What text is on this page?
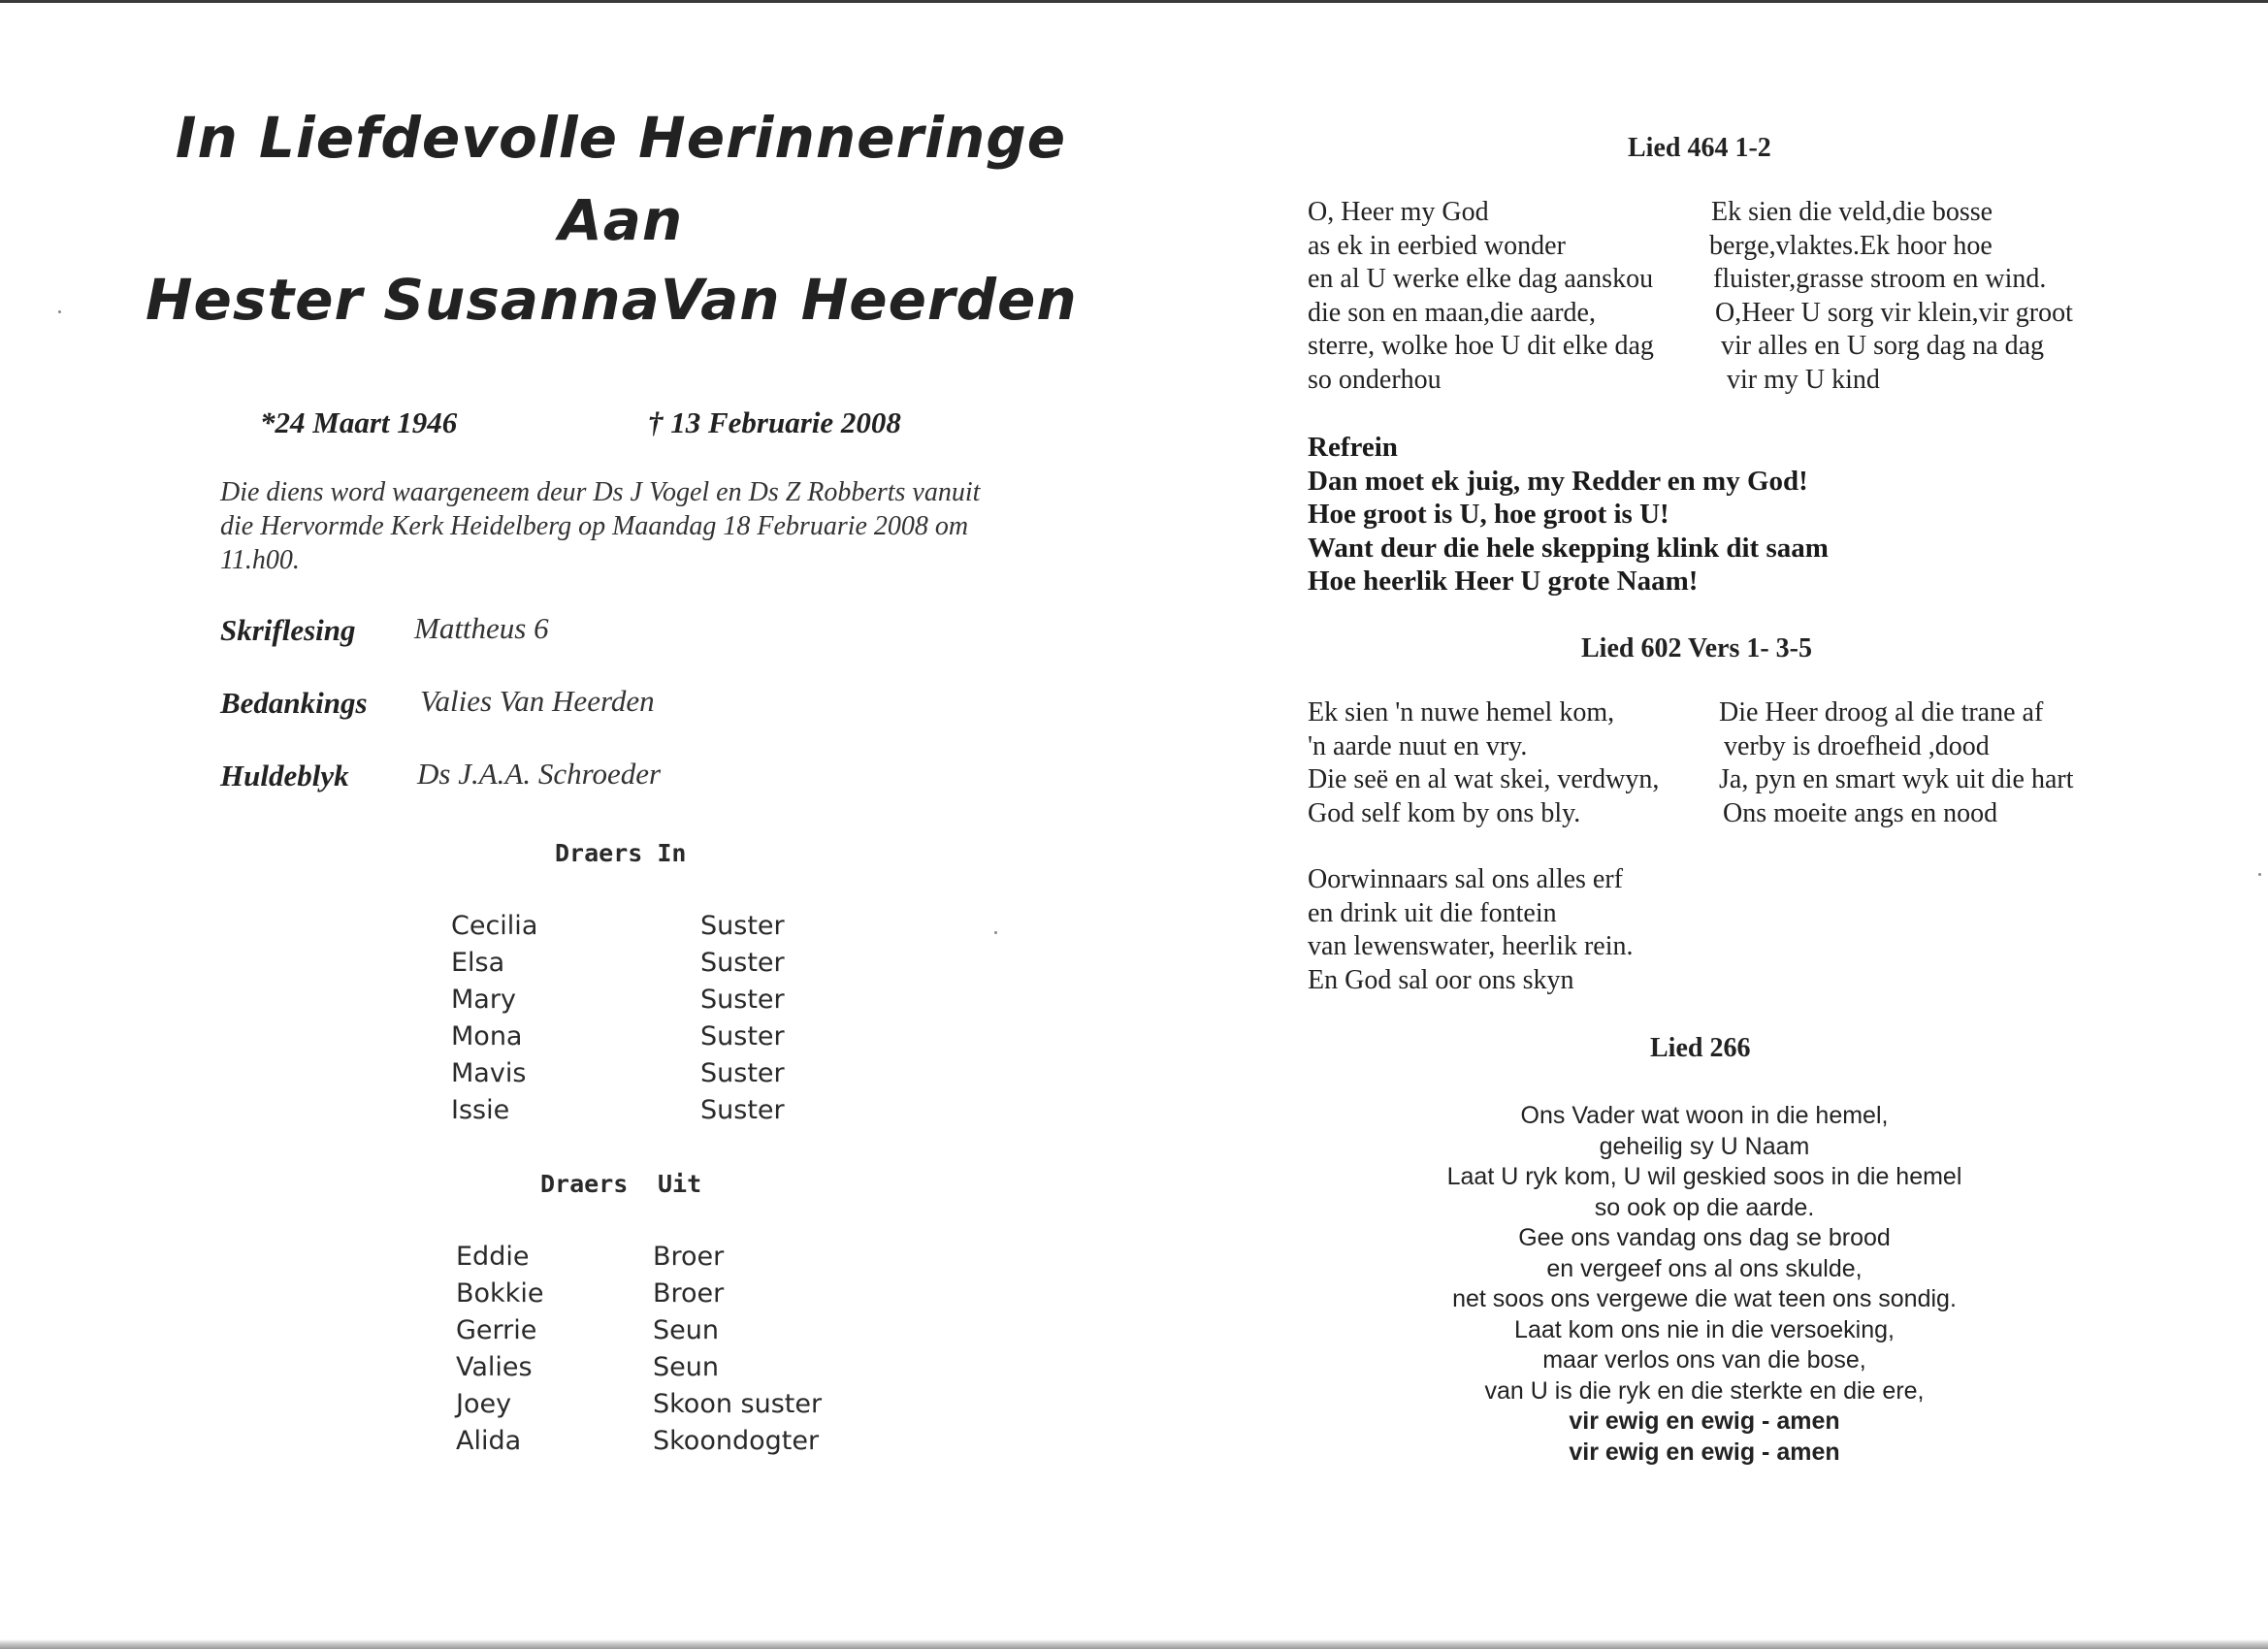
In Liefdevolle Herinneringe
Aan
Hester SusannaVan Heerden
*24 Maart 1946	† 13 Februarie 2008
Die diens word waargeneem deur Ds J Vogel en Ds Z Robberts vanuit die Hervormde Kerk Heidelberg op Maandag 18 Februarie 2008 om 11.h00.
Skriflesing Mattheus 6
Bedankings Valies Van Heerden
Huldeblyk Ds J.A.A. Schroeder
Draers In
Cecilia
Elsa
Mary
Mona
Mavis
Issie
Suster
Suster
Suster
Suster
Suster
Suster
Draers Uit
Eddie
Bokkie
Gerrie
Valies
Joey
Alida
Broer
Broer
Seun
Seun
Skoon suster
Skoondogter
Lied 464 1-2
O, Heer my God
as ek in eerbied wonder
en al U werke elke dag aanskou
die son en maan,die aarde,
sterre, wolke hoe U dit elke dag
so onderhou
Ek sien die veld,die bosse
berge,vlaktes.Ek hoor hoe
fluister,grasse stroom en wind.
O,Heer U sorg vir klein,vir groot
vir alles en U sorg dag na dag
vir my U kind
Refrein
Dan moet ek juig, my Redder en my God!
Hoe groot is U, hoe groot is U!
Want deur die hele skepping klink dit saam
Hoe heerlik Heer U grote Naam!
Lied 602 Vers 1- 3-5
Ek sien 'n nuwe hemel kom,
'n aarde nuut en vry.
Die seë en al wat skei, verdwyn,
God self kom by ons bly.
Die Heer droog al die trane af
verby is droefheid ,dood
Ja, pyn en smart wyk uit die hart
Ons moeite angs en nood
Oorwinnaars sal ons alles erf
en drink uit die fontein
van lewenswater, heerlik rein.
En God sal oor ons skyn
Lied 266
Ons Vader wat woon in die hemel,
geheilig sy U Naam
Laat U ryk kom, U wil geskied soos in die hemel
so ook op die aarde.
Gee ons vandag ons dag se brood
en vergeef ons al ons skulde,
net soos ons vergewe die wat teen ons sondig.
Laat kom ons nie in die versoeking,
maar verlos ons van die bose,
van U is die ryk en die sterkte en die ere,
vir ewig en ewig - amen
vir ewig en ewig - amen
